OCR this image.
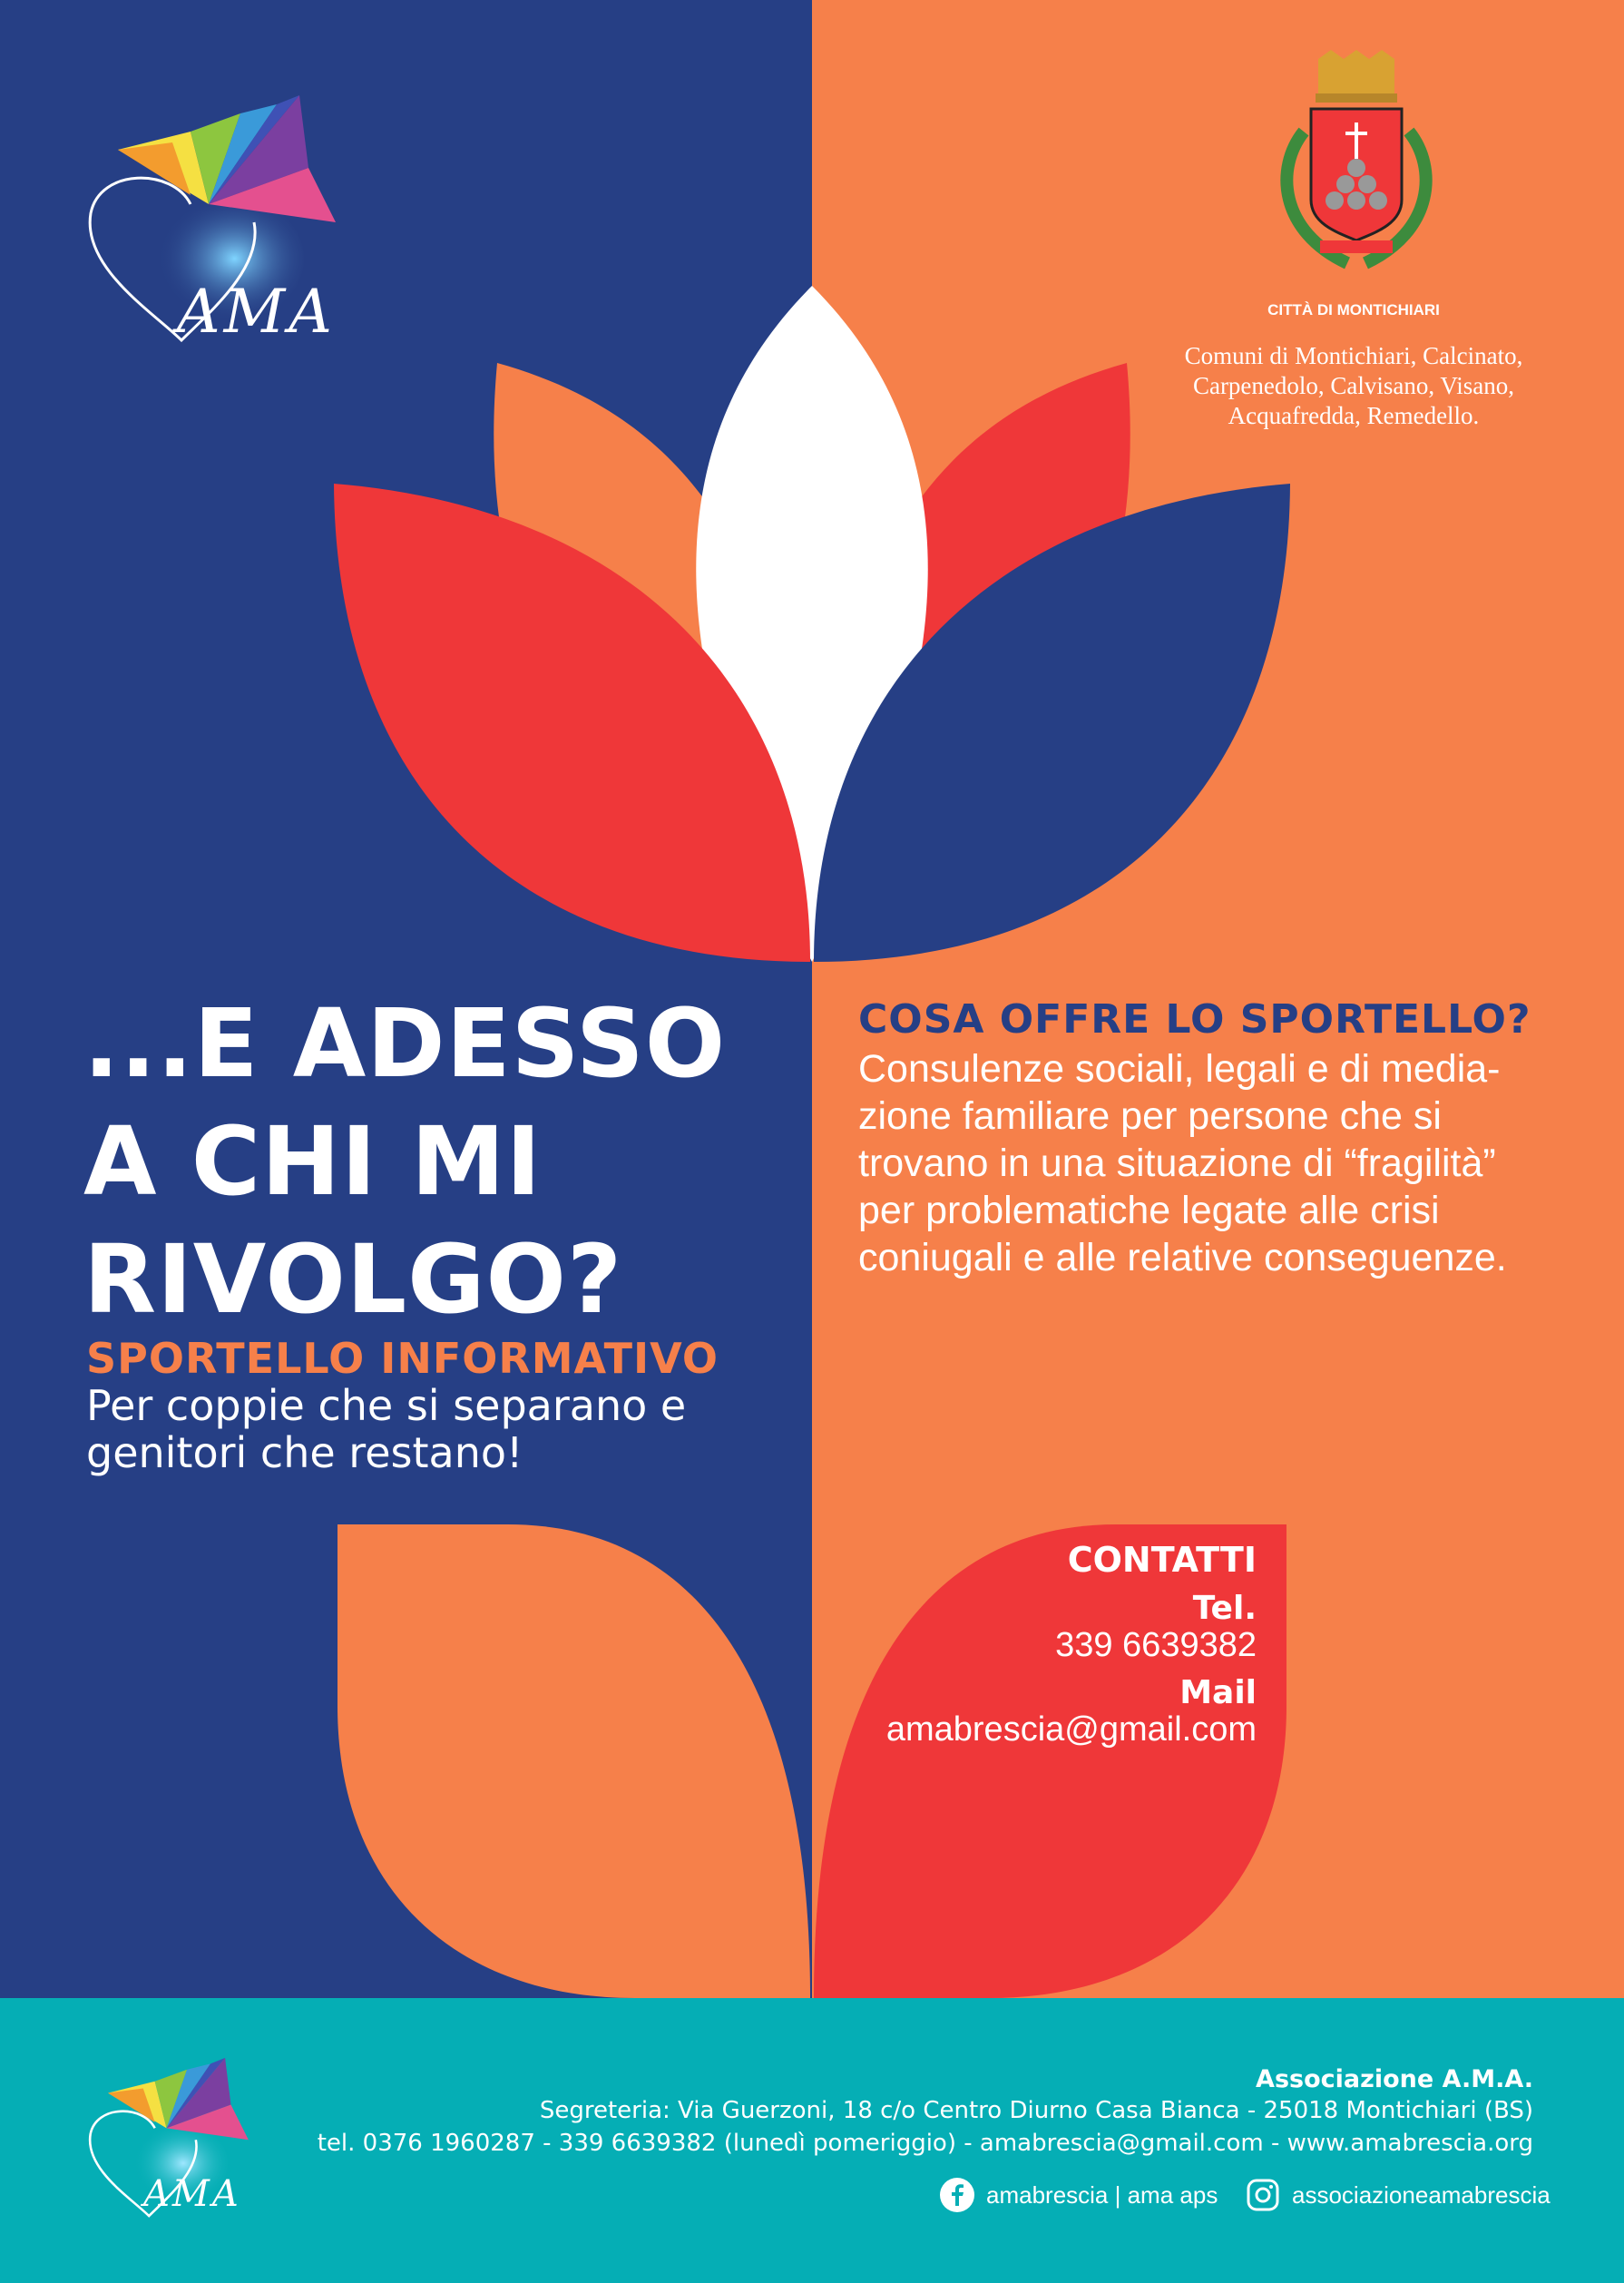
AMA	CITTÀ DI MONTICHIARI
Comuni di Montichiari, Calcinato,
Carpenedolo, Calvisano, Visano,
Acquafredda, Remedello.
...E ADESSO
A CHI MI
RIVOLGO?
SPORTELLO INFORMATIVO
Per coppie che si separano e
genitori che restano!
COSA OFFRE LO SPORTELLO?
Consulenze sociali, legali e di media-
zione familiare per persone che si
trovano in una situazione di “fragilità”
per problematiche legate alle crisi
coniugali e alle relative conseguenze.
CONTATTI
Tel.
339 6639382
Mail
amabrescia@gmail.com
AMA
Associazione A.M.A.
Segreteria: Via Guerzoni, 18 c/o Centro Diurno Casa Bianca - 25018 Montichiari (BS)
tel. 0376 1960287 - 339 6639382 (lunedì pomeriggio) - amabrescia@gmail.com - www.amabrescia.org
amabrescia | ama aps	associazioneamabrescia
